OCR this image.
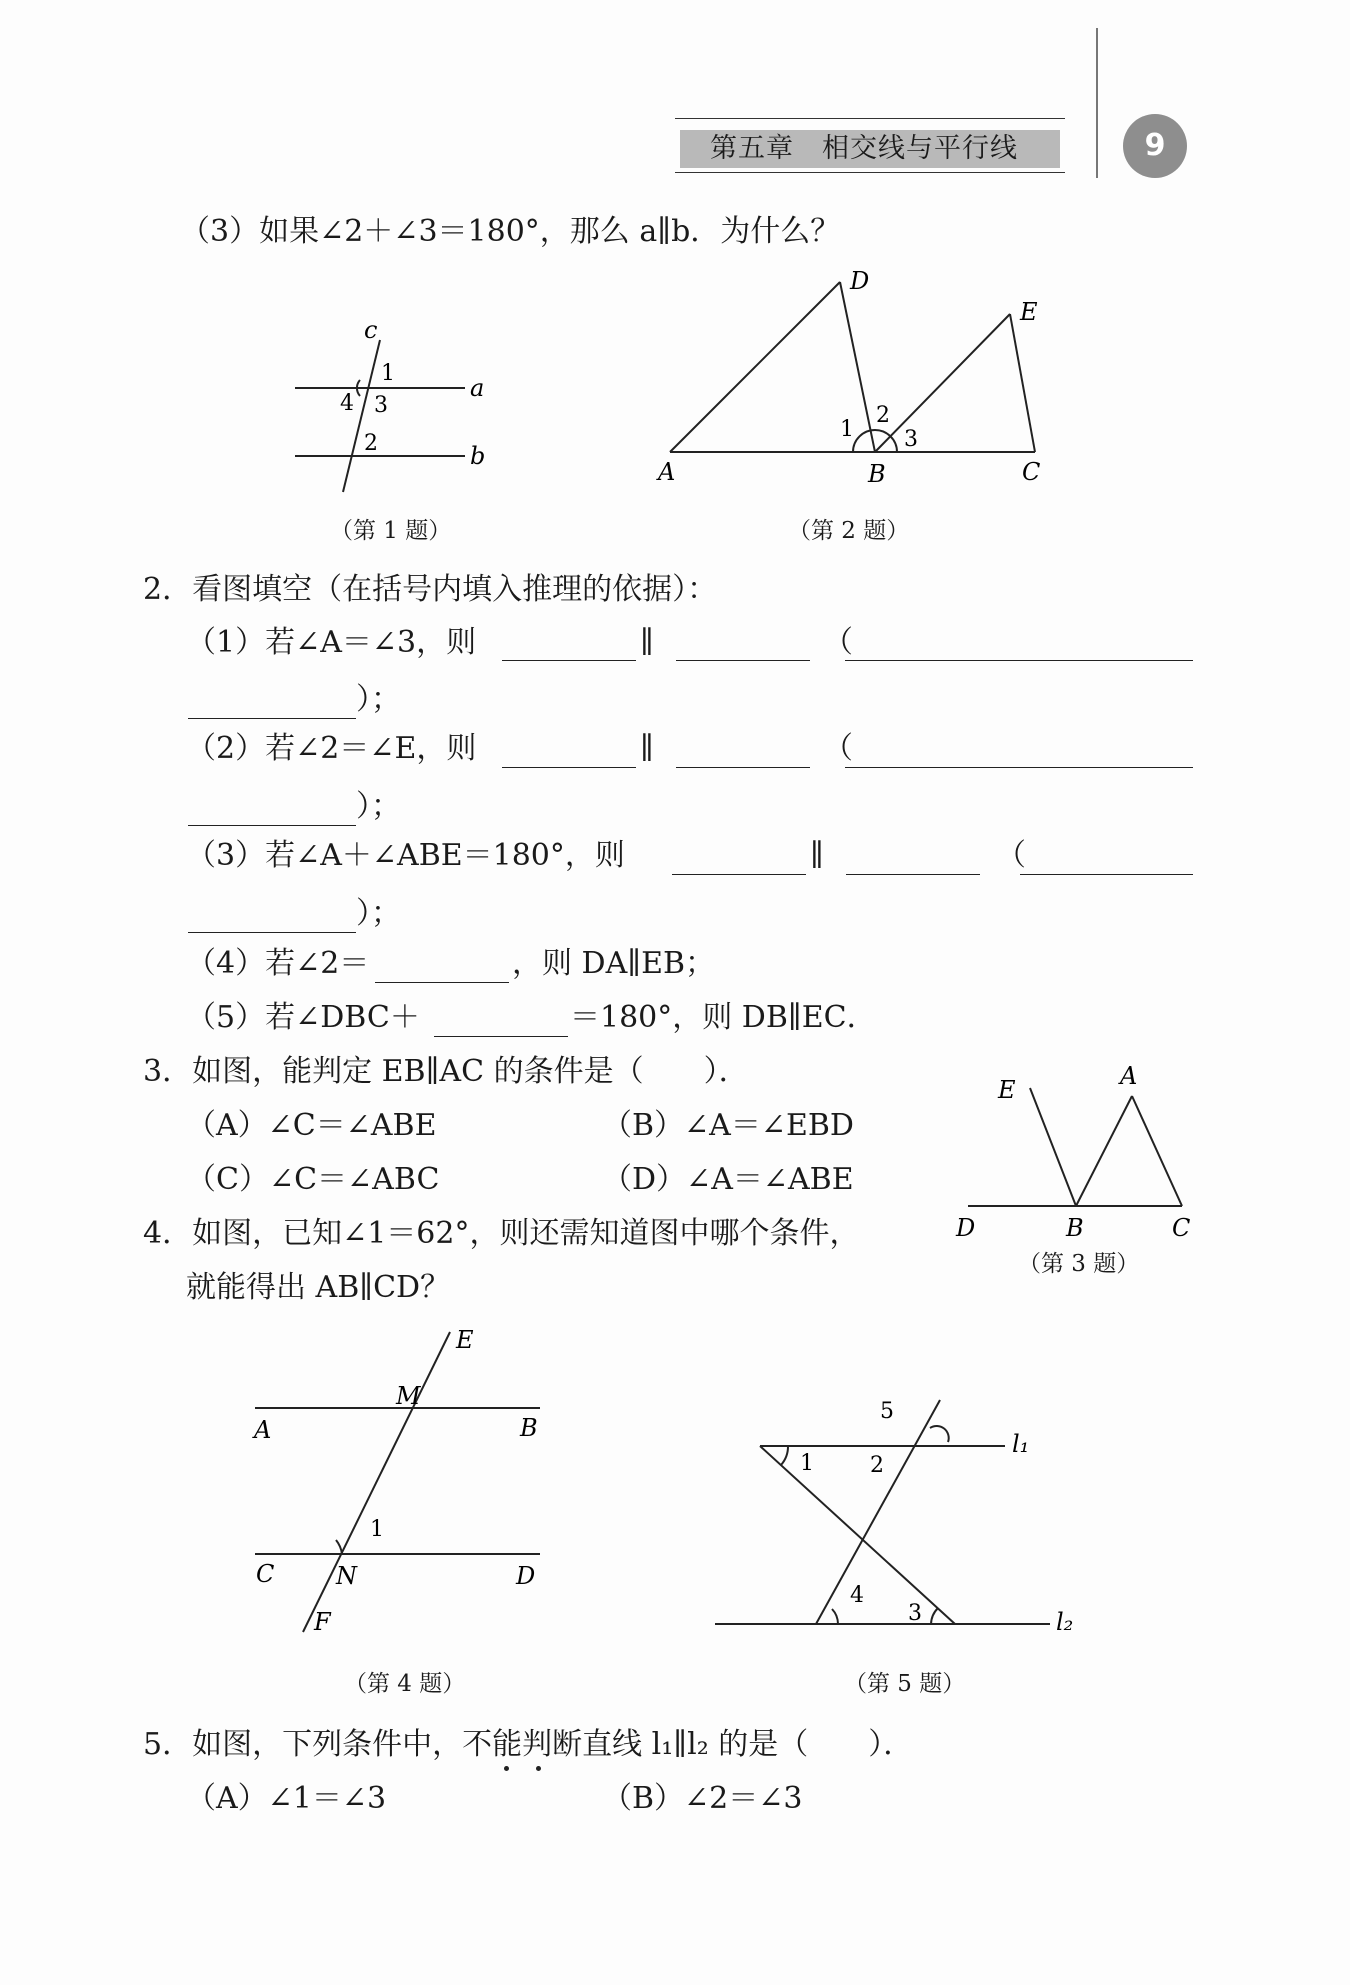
第五章　相交线与平行线	9
（3）如果∠2＋∠3＝180°，那么 a∥b．为什么？
c
1
4 3
a
2	b
（第 1 题）
D
E
1
2
3
A	B	C
（第 2 题）
2．看图填空（在括号内填入推理的依据）：
（1）若∠A＝∠3，则	∥	（
）；
（2）若∠2＝∠E，则	∥	（
）；
（3）若∠A＋∠ABE＝180°，则	∥	（
）；
（4）若∠2＝	，则 DA∥EB；
（5）若∠DBC＋	＝180°，则 DB∥EC．
3．如图，能判定 EB∥AC 的条件是（　　）．
（A）∠C＝∠ABE	（B）∠A＝∠EBD
（C）∠C＝∠ABC	（D）∠A＝∠ABE
E	A
D	B	C
（第 3 题）
4．如图，已知∠1＝62°，则还需知道图中哪个条件，
就能得出 AB∥CD？
E
M
A	B
1
C	N	D
F
（第 4 题）
5
1	2
l₁
4
3	l₂
（第 5 题）
5．如图，下列条件中，不能判断直线 l₁∥l₂ 的是（　　）．
（A）∠1＝∠3	（B）∠2＝∠3
